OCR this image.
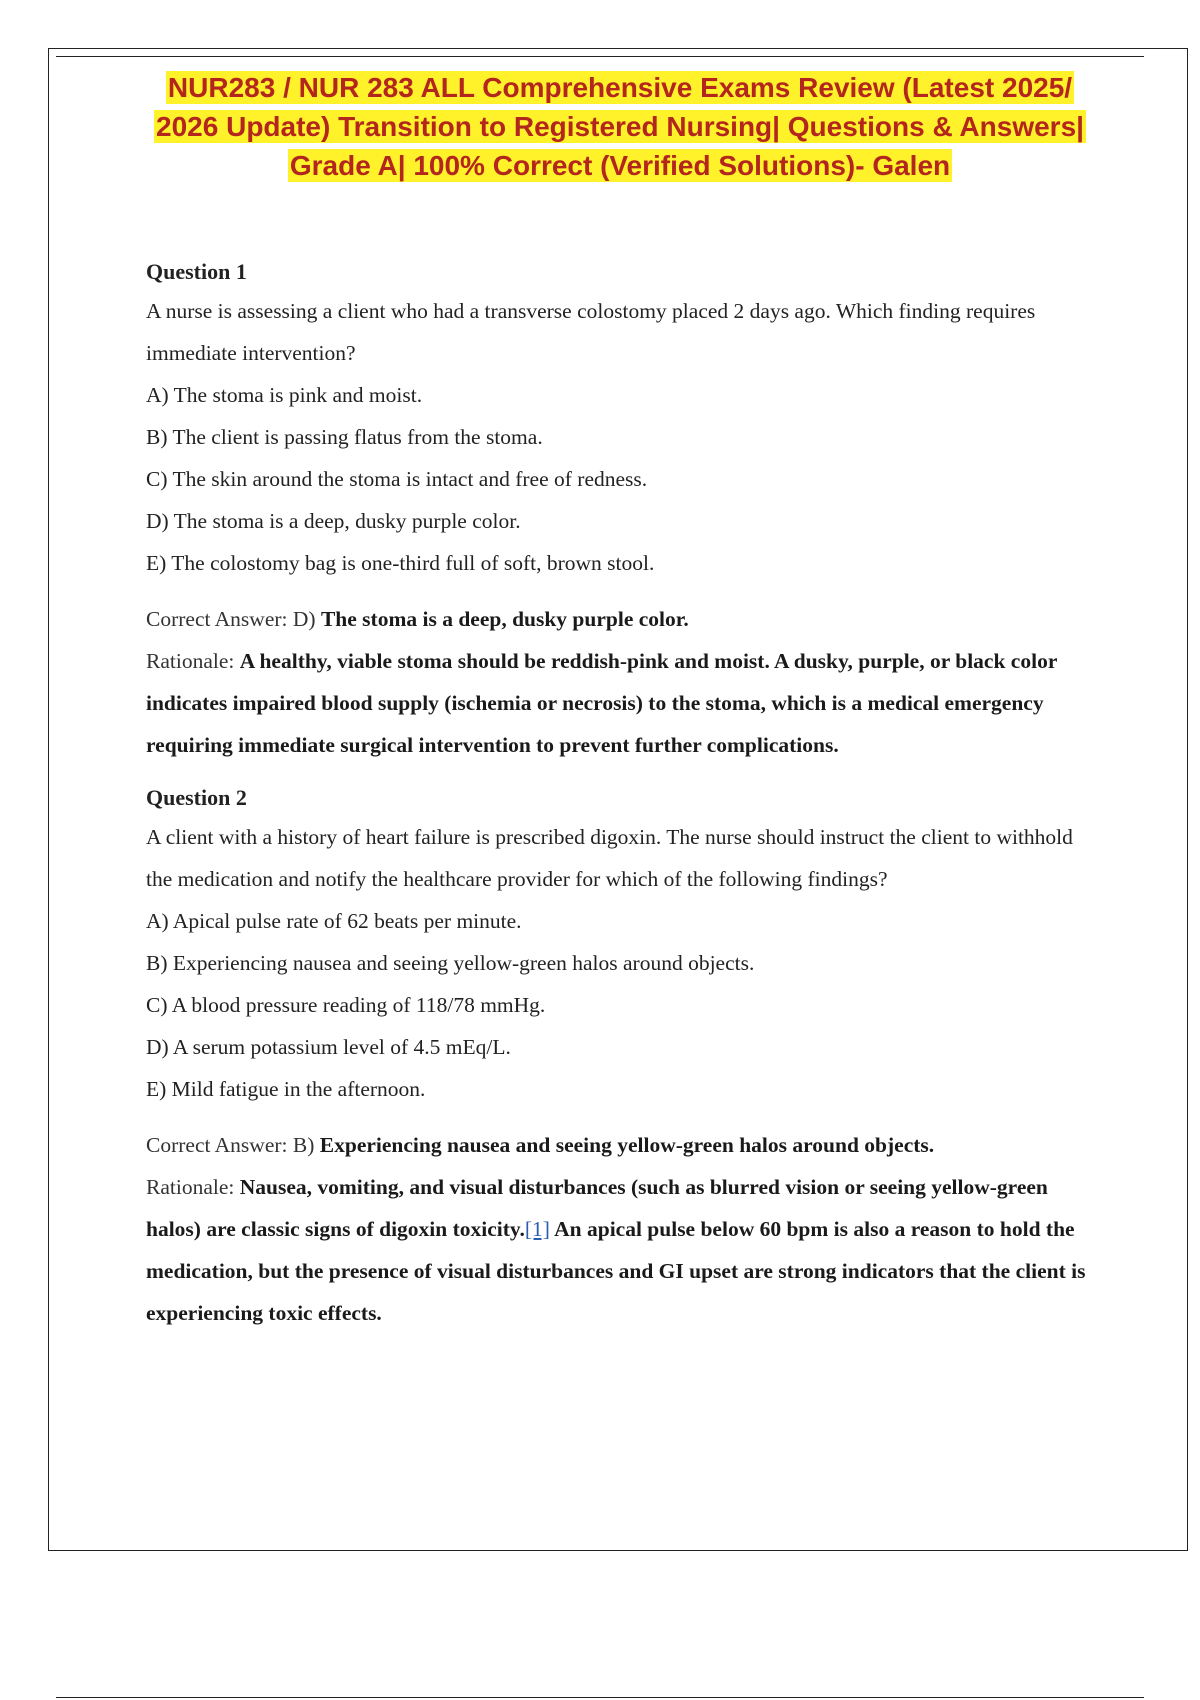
NUR283 / NUR 283 ALL Comprehensive Exams Review (Latest 2025/
2026 Update) Transition to Registered Nursing| Questions & Answers|
Grade A| 100% Correct (Verified Solutions)- Galen

Question 1

A nurse is assessing a client who had a transverse colostomy placed 2 days ago. Which finding requires immediate intervention?

A) The stoma is pink and moist.

B) The client is passing flatus from the stoma.

C) The skin around the stoma is intact and free of redness.

D) The stoma is a deep, dusky purple color.

E) The colostomy bag is one-third full of soft, brown stool.

Correct Answer: D) The stoma is a deep, dusky purple color.

Rationale: A healthy, viable stoma should be reddish-pink and moist. A dusky, purple, or black color indicates impaired blood supply (ischemia or necrosis) to the stoma, which is a medical emergency requiring immediate surgical intervention to prevent further complications.

Question 2

A client with a history of heart failure is prescribed digoxin. The nurse should instruct the client to withhold the medication and notify the healthcare provider for which of the following findings?

A) Apical pulse rate of 62 beats per minute.

B) Experiencing nausea and seeing yellow-green halos around objects.

C) A blood pressure reading of 118/78 mmHg.

D) A serum potassium level of 4.5 mEq/L.

E) Mild fatigue in the afternoon.

Correct Answer: B) Experiencing nausea and seeing yellow-green halos around objects.

Rationale: Nausea, vomiting, and visual disturbances (such as blurred vision or seeing yellow-green halos) are classic signs of digoxin toxicity.[1] An apical pulse below 60 bpm is also a reason to hold the medication, but the presence of visual disturbances and GI upset are strong indicators that the client is experiencing toxic effects.
